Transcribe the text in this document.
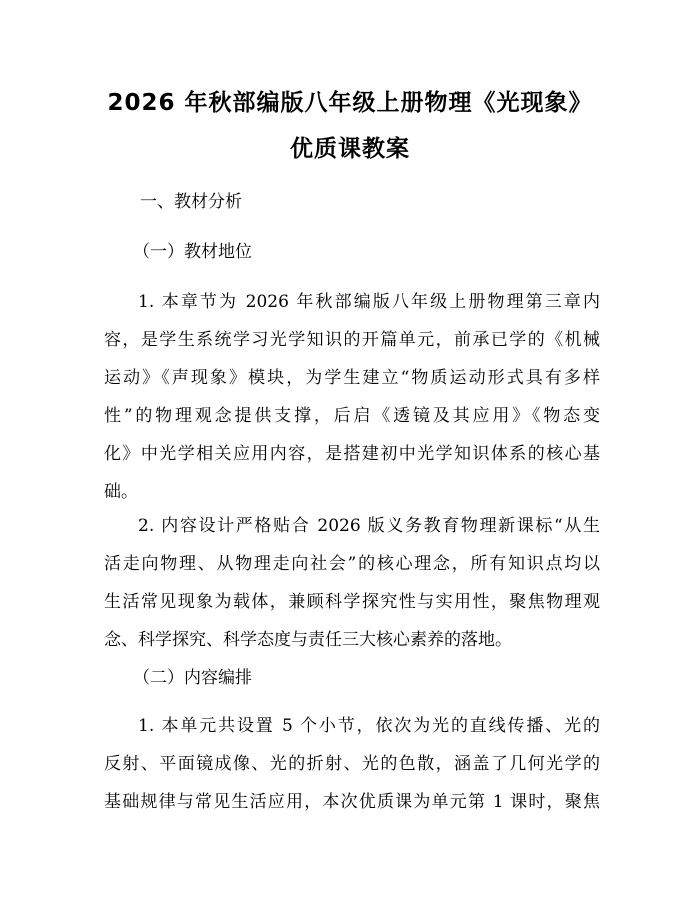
2026 年秋部编版八年级上册物理《光现象》
优质课教案
一、教材分析
（一）教材地位
1. 本章节为 2026 年秋部编版八年级上册物理第三章内
容，是学生系统学习光学知识的开篇单元，前承已学的《机械
运动》《声现象》模块，为学生建立“物质运动形式具有多样
性”的物理观念提供支撑，后启《透镜及其应用》《物态变
化》中光学相关应用内容，是搭建初中光学知识体系的核心基
础。
2. 内容设计严格贴合 2026 版义务教育物理新课标“从生
活走向物理、从物理走向社会”的核心理念，所有知识点均以
生活常见现象为载体，兼顾科学探究性与实用性，聚焦物理观
念、科学探究、科学态度与责任三大核心素养的落地。
（二）内容编排
1. 本单元共设置 5 个小节，依次为光的直线传播、光的
反射、平面镜成像、光的折射、光的色散，涵盖了几何光学的
基础规律与常见生活应用，本次优质课为单元第 1 课时，聚焦
